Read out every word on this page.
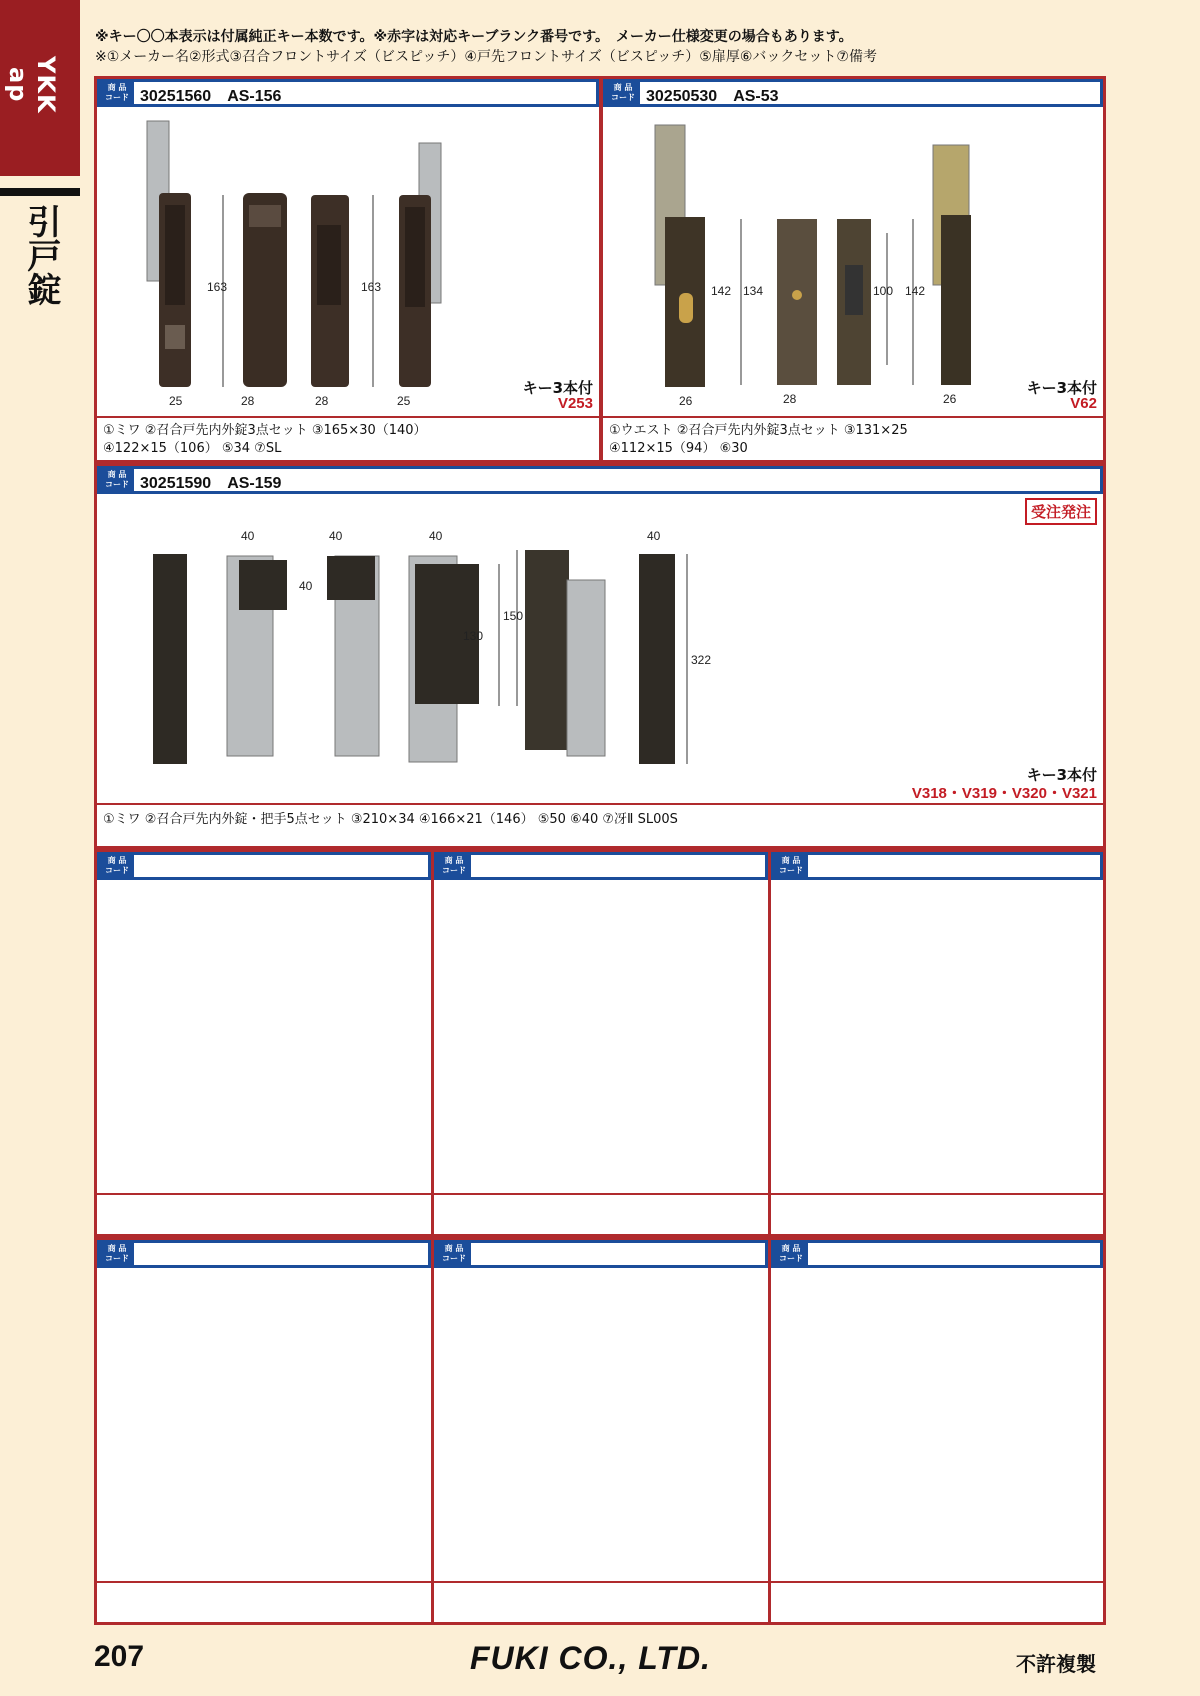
YKK ap
引戸錠
※キー〇〇本表示は付属純正キー本数です。※赤字は対応キーブランク番号です。　メーカー仕様変更の場合もあります。
※①メーカー名②形式③召合フロントサイズ（ビスピッチ）④戸先フロントサイズ（ビスピッチ）⑤扉厚⑥バックセット⑦備考
商 品
コード 30251560　AS-156
163	163
25	28	28	25
キー3本付
V253
①ミワ ②召合戸先内外錠3点セット ③165×30（140）
④122×15（106） ⑤34 ⑦SL
商 品
コード 30250530　AS-53
142 134	100 142
26	28	26
キー3本付
V62
①ウエスト ②召合戸先内外錠3点セット ③131×25
④112×15（94） ⑥30
商 品
コード 30251590　AS-159
受注発注
40	40
40
40	40
130
150
322
キー3本付
V318・V319・V320・V321
①ミワ ②召合戸先内外錠・把手5点セット ③210×34 ④166×21（146） ⑤50 ⑥40 ⑦冴Ⅱ SL00S
商 品
コード
商 品
コード
商 品
コード
商 品
コード
商 品
コード
商 品
コード
207	FUKI CO., LTD.	不許複製
